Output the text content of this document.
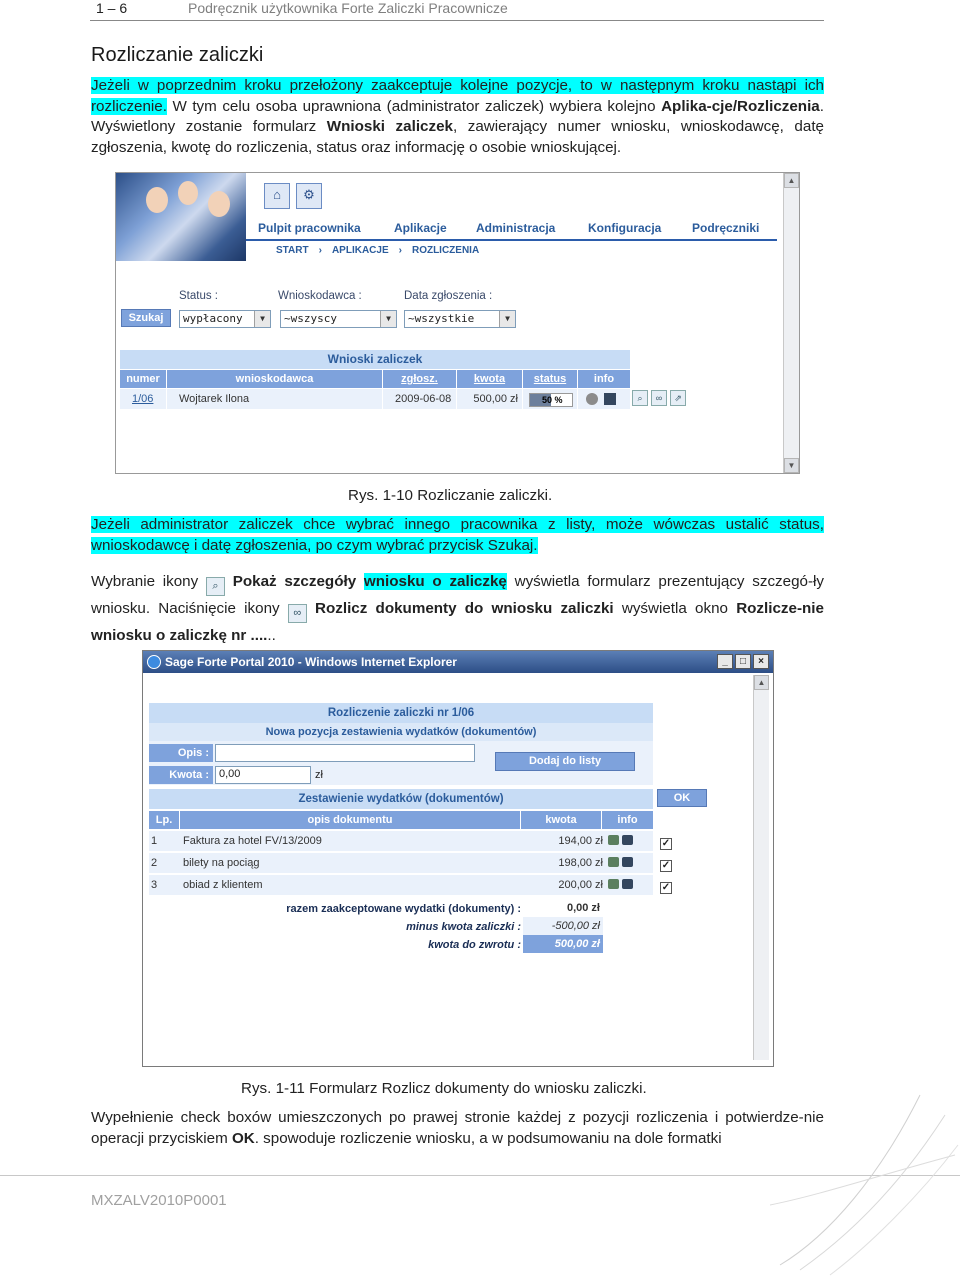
1 – 6	Podręcznik użytkownika Forte Zaliczki Pracownicze
Rozliczanie zaliczki
Jeżeli w poprzednim kroku przełożony zaakceptuje kolejne pozycje, to w następnym kroku nastąpi ich rozliczenie. W tym celu osoba uprawniona (administrator zaliczek) wybiera kolejno Aplika-cje/Rozliczenia. Wyświetlony zostanie formularz Wnioski zaliczek, zawierający numer wniosku, wnioskodawcę, datę zgłoszenia, kwotę do rozliczenia, status oraz informację o osobie wnioskującej.
⌂ ⚙
Pulpit pracownika	Aplikacje Administracja	Konfiguracja	Podręczniki
START › APLIKACJE › ROZLICZENIA
Status :	Wnioskodawca :	Data zgłoszenia :
Szukaj	wypłacony	▼	~wszyscy	▼	~wszystkie	▼
Wnioski zaliczek
numer	wnioskodawca	zgłosz.	kwota	status	info
1/06	Wojtarek Ilona	2009-06-08	500,00 zł	50 %	⌕	∞	⇗
▲
▼
Rys. 1-10 Rozliczanie zaliczki.
Jeżeli administrator zaliczek chce wybrać innego pracownika z listy, może wówczas ustalić status, wnioskodawcę i datę zgłoszenia, po czym wybrać przycisk Szukaj.
Wybranie ikony ⌕ Pokaż szczegóły wniosku o zaliczkę wyświetla formularz prezentujący szczegó-ły wniosku. Naciśnięcie ikony ∞ Rozlicz dokumenty do wniosku zaliczki wyświetla okno Rozlicze-nie wniosku o zaliczkę nr ......
Sage Forte Portal 2010 - Windows Internet Explorer	_	□	×
▲
Rozliczenie zaliczki nr 1/06
Nowa pozycja zestawienia wydatków (dokumentów)
Opis :
Kwota : 0,00	zł
Dodaj do listy
Zestawienie wydatków (dokumentów)	OK
Lp.	opis dokumentu	kwota	info
1 Faktura za hotel FV/13/2009	194,00 zł	✓
2 bilety na pociąg	198,00 zł	✓
3 obiad z klientem	200,00 zł	✓
razem zaakceptowane wydatki (dokumenty) :	0,00 zł
minus kwota zaliczki :	-500,00 zł
kwota do zwrotu :	500,00 zł
Rys. 1-11 Formularz Rozlicz dokumenty do wniosku zaliczki.
Wypełnienie check boxów umieszczonych po prawej stronie każdej z pozycji rozliczenia i potwierdze-nie operacji przyciskiem OK. spowoduje rozliczenie wniosku, a w podsumowaniu na dole formatki
MXZALV2010P0001
